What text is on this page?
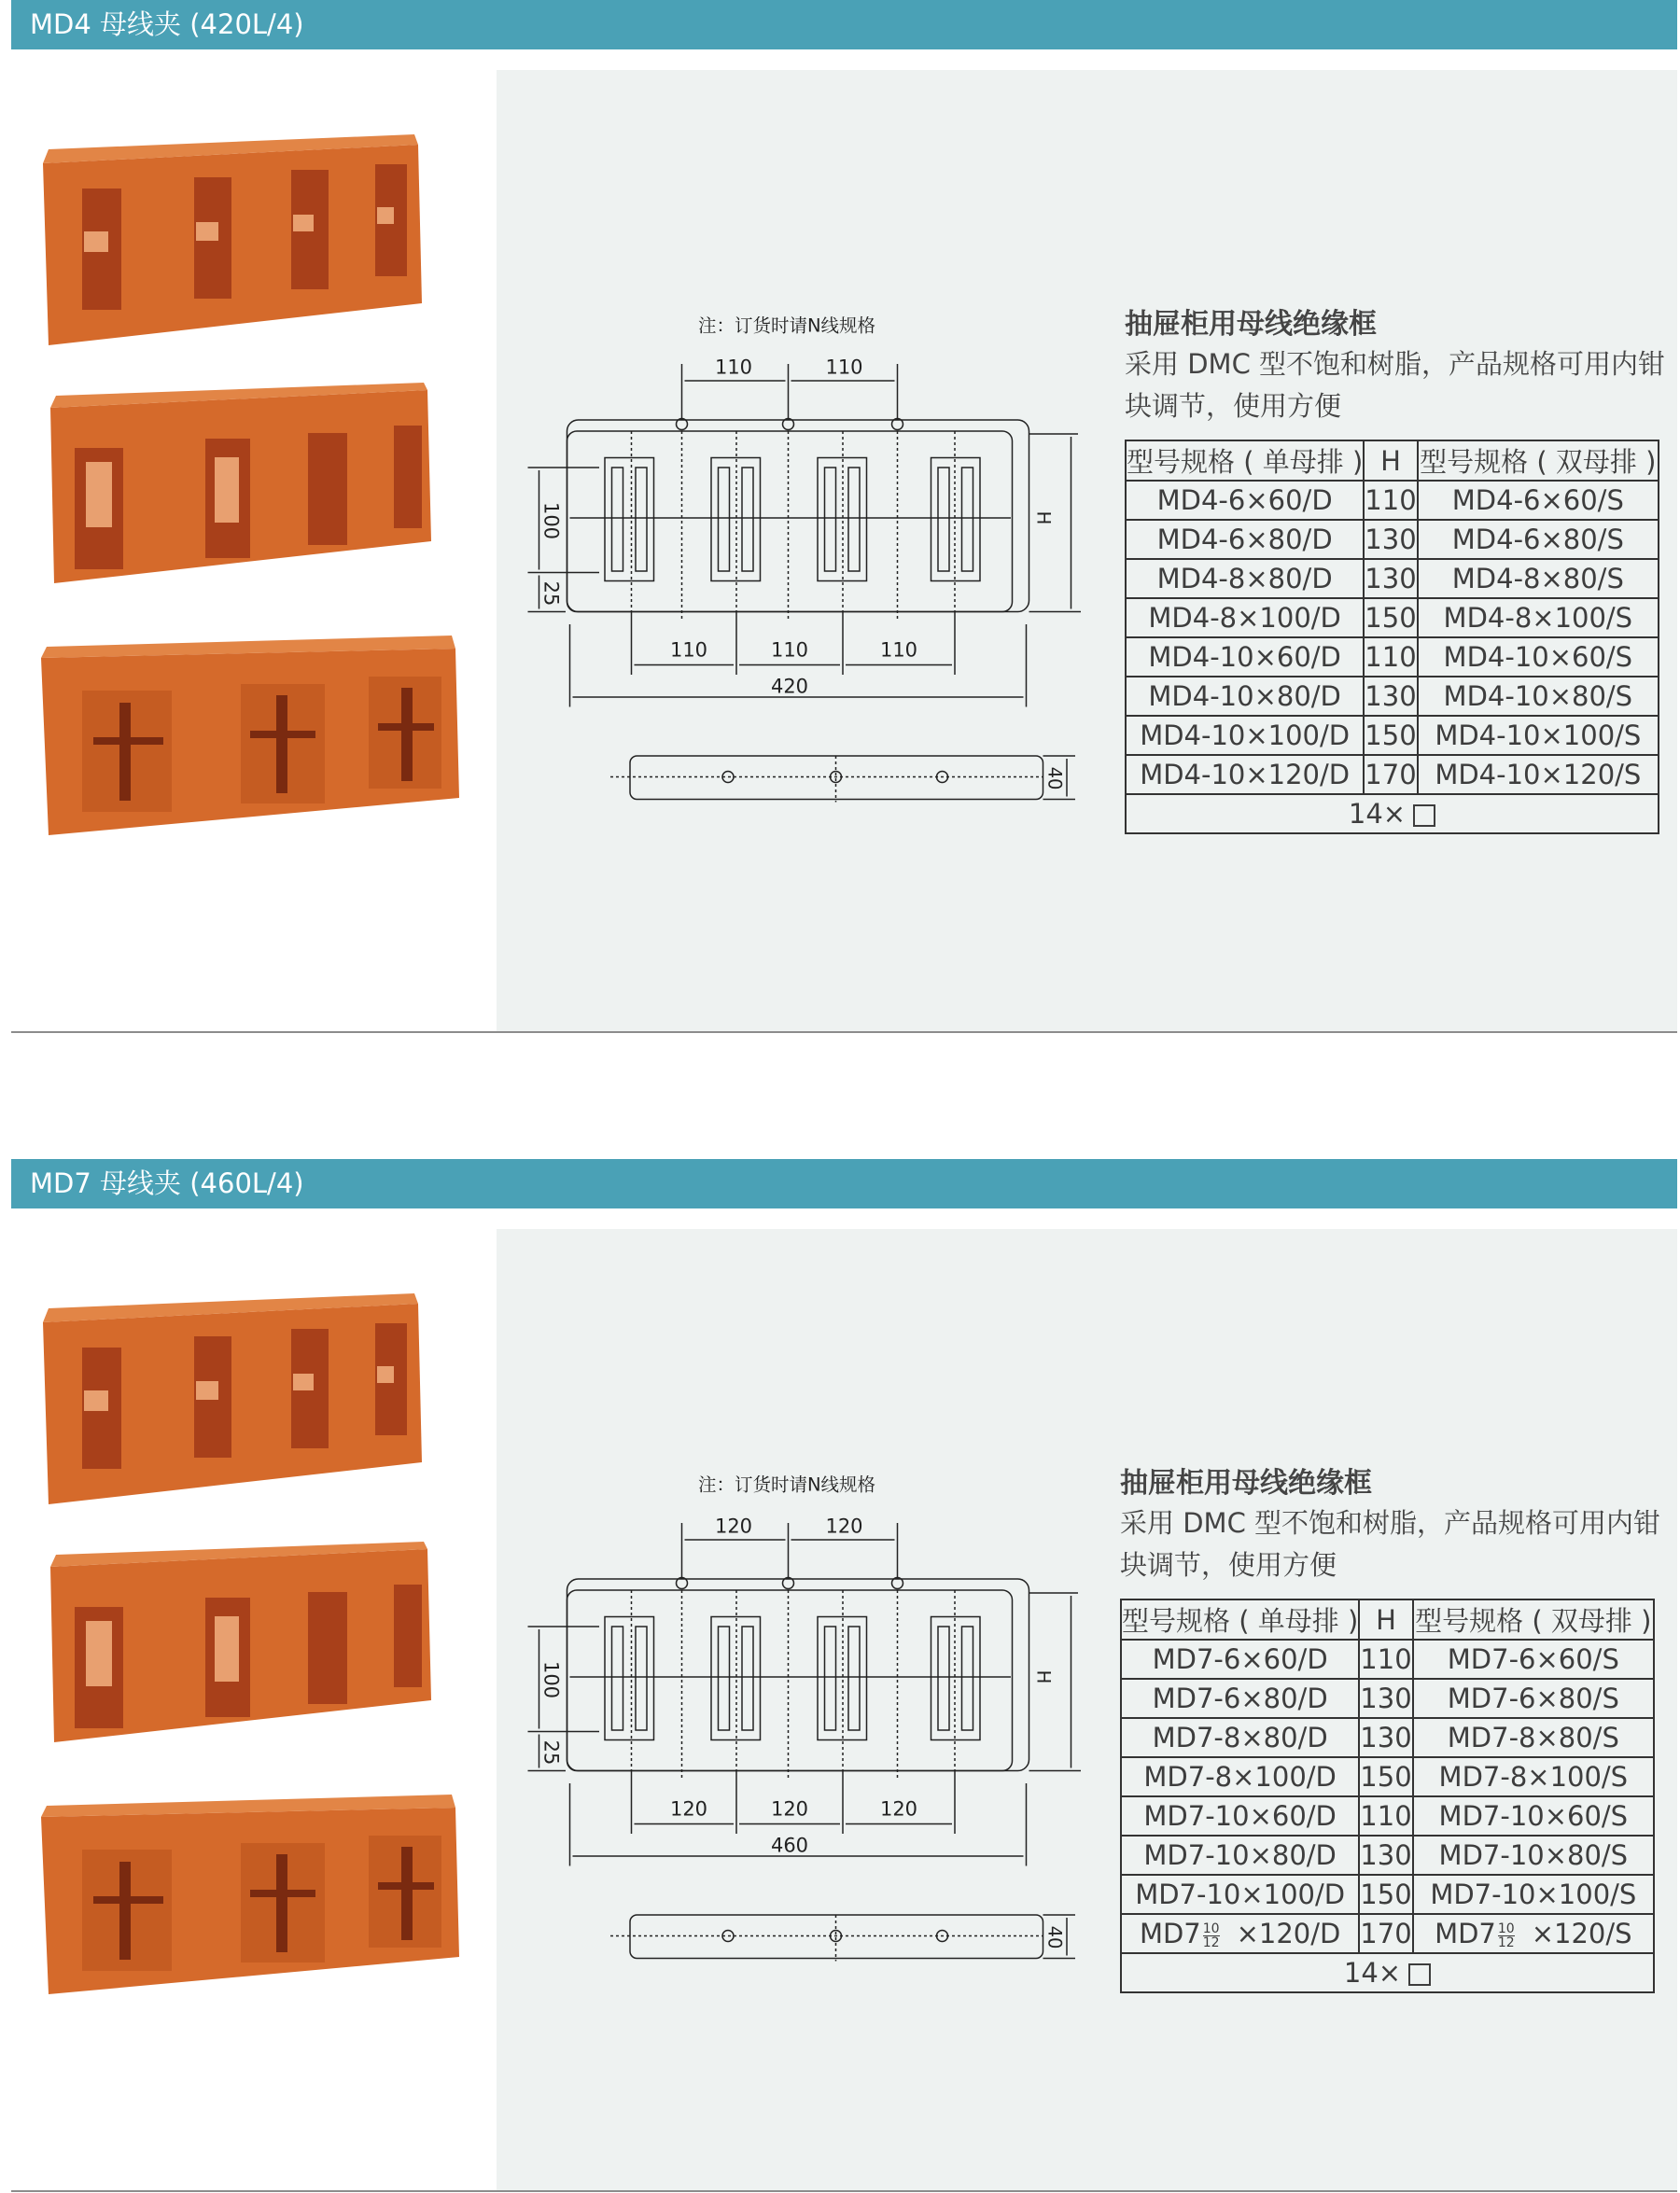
MD4 母线夹 (420L/4)
注：订货时请N线规格
110	110
110	110	110
420
100
25
H
40
抽屉柜用母线绝缘框
采用 DMC 型不饱和树脂，产品规格可用内钳
块调节，使用方便
型号规格 ( 单母排 )	H	型号规格 ( 双母排 )
MD4-6×60/D	110	MD4-6×60/S
MD4-6×80/D	130	MD4-6×80/S
MD4-8×80/D	130	MD4-8×80/S
MD4-8×100/D	150	MD4-8×100/S
MD4-10×60/D	110	MD4-10×60/S
MD4-10×80/D	130	MD4-10×80/S
MD4-10×100/D	150	MD4-10×100/S
MD4-10×120/D	170	MD4-10×120/S
14×		
MD7 母线夹 (460L/4)
注：订货时请N线规格
120	120
120	120	120
460
100
25
H
40
抽屉柜用母线绝缘框
采用 DMC 型不饱和树脂，产品规格可用内钳
块调节，使用方便
型号规格 ( 单母排 )	H	型号规格 ( 双母排 )
MD7-6×60/D	110	MD7-6×60/S
MD7-6×80/D	130	MD7-6×80/S
MD7-8×80/D	130	MD7-8×80/S
MD7-8×100/D	150	MD7-8×100/S
MD7-10×60/D	110	MD7-10×60/S
MD7-10×80/D	130	MD7-10×80/S
MD7-10×100/D	150	MD7-10×100/S
$MD7 \frac{10}{12} \times 120/D$	170	$MD7 \frac{10}{12} \times 120/S$
14×		
